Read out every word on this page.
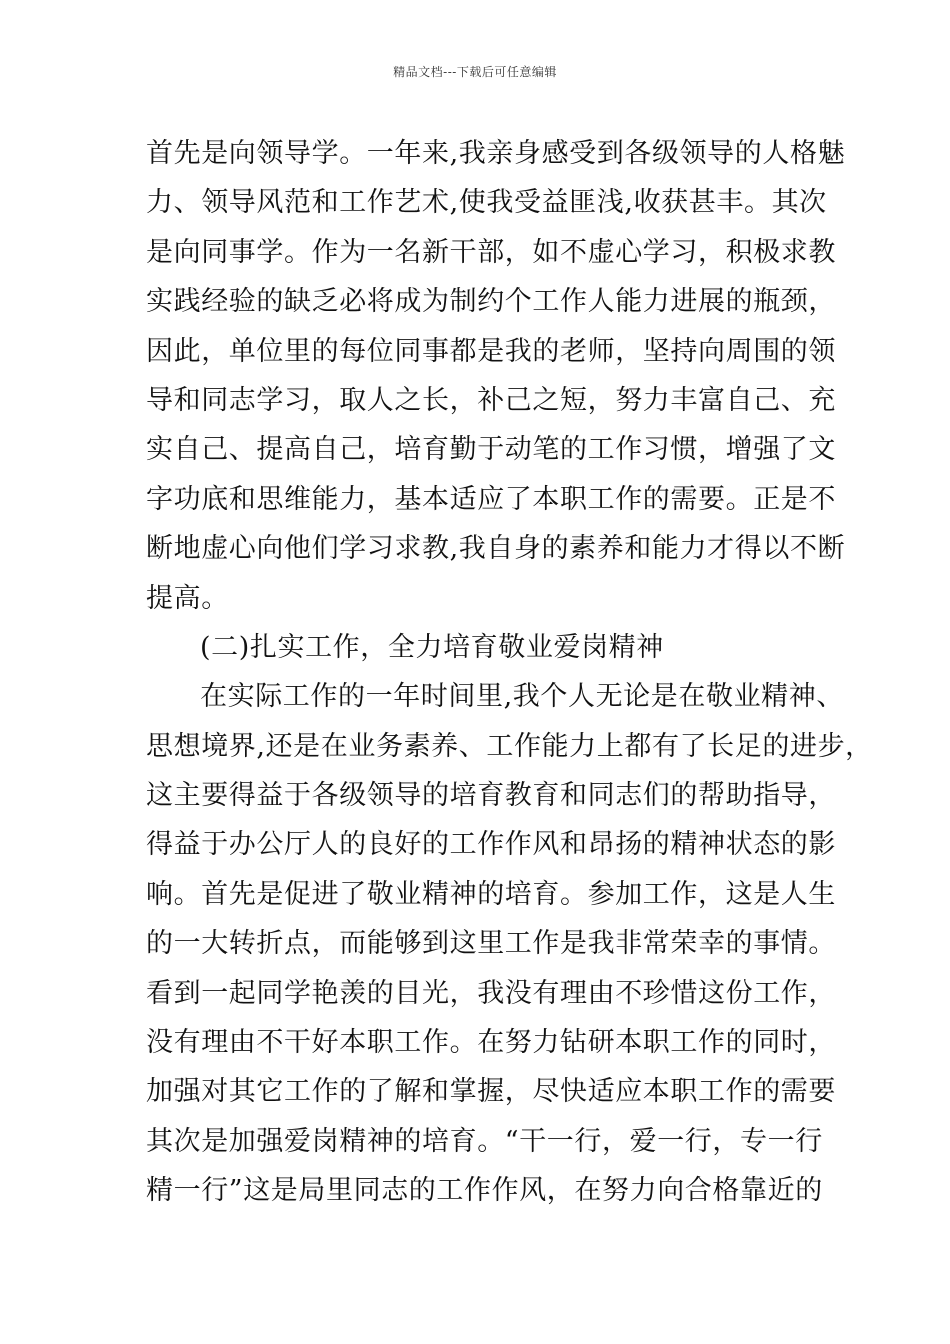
精品文档---下载后可任意编辑
首先是向领导学。一年来,我亲身感受到各级领导的人格魅
力、领导风范和工作艺术,使我受益匪浅,收获甚丰。其次
是向同事学。作为一名新干部，如不虚心学习，积极求教
实践经验的缺乏必将成为制约个工作人能力进展的瓶颈，
因此，单位里的每位同事都是我的老师，坚持向周围的领
导和同志学习，取人之长，补己之短，努力丰富自己、充
实自己、提高自己，培育勤于动笔的工作习惯，增强了文
字功底和思维能力，基本适应了本职工作的需要。正是不
断地虚心向他们学习求教,我自身的素养和能力才得以不断
提高。
(二)扎实工作，全力培育敬业爱岗精神
在实际工作的一年时间里,我个人无论是在敬业精神、
思想境界,还是在业务素养、工作能力上都有了长足的进步，
这主要得益于各级领导的培育教育和同志们的帮助指导，
得益于办公厅人的良好的工作作风和昂扬的精神状态的影
响。首先是促进了敬业精神的培育。参加工作，这是人生
的一大转折点，而能够到这里工作是我非常荣幸的事情。
看到一起同学艳羡的目光，我没有理由不珍惜这份工作，
没有理由不干好本职工作。在努力钻研本职工作的同时，
加强对其它工作的了解和掌握，尽快适应本职工作的需要
其次是加强爱岗精神的培育。“干一行，爱一行，专一行
精一行”这是局里同志的工作作风，在努力向合格靠近的
